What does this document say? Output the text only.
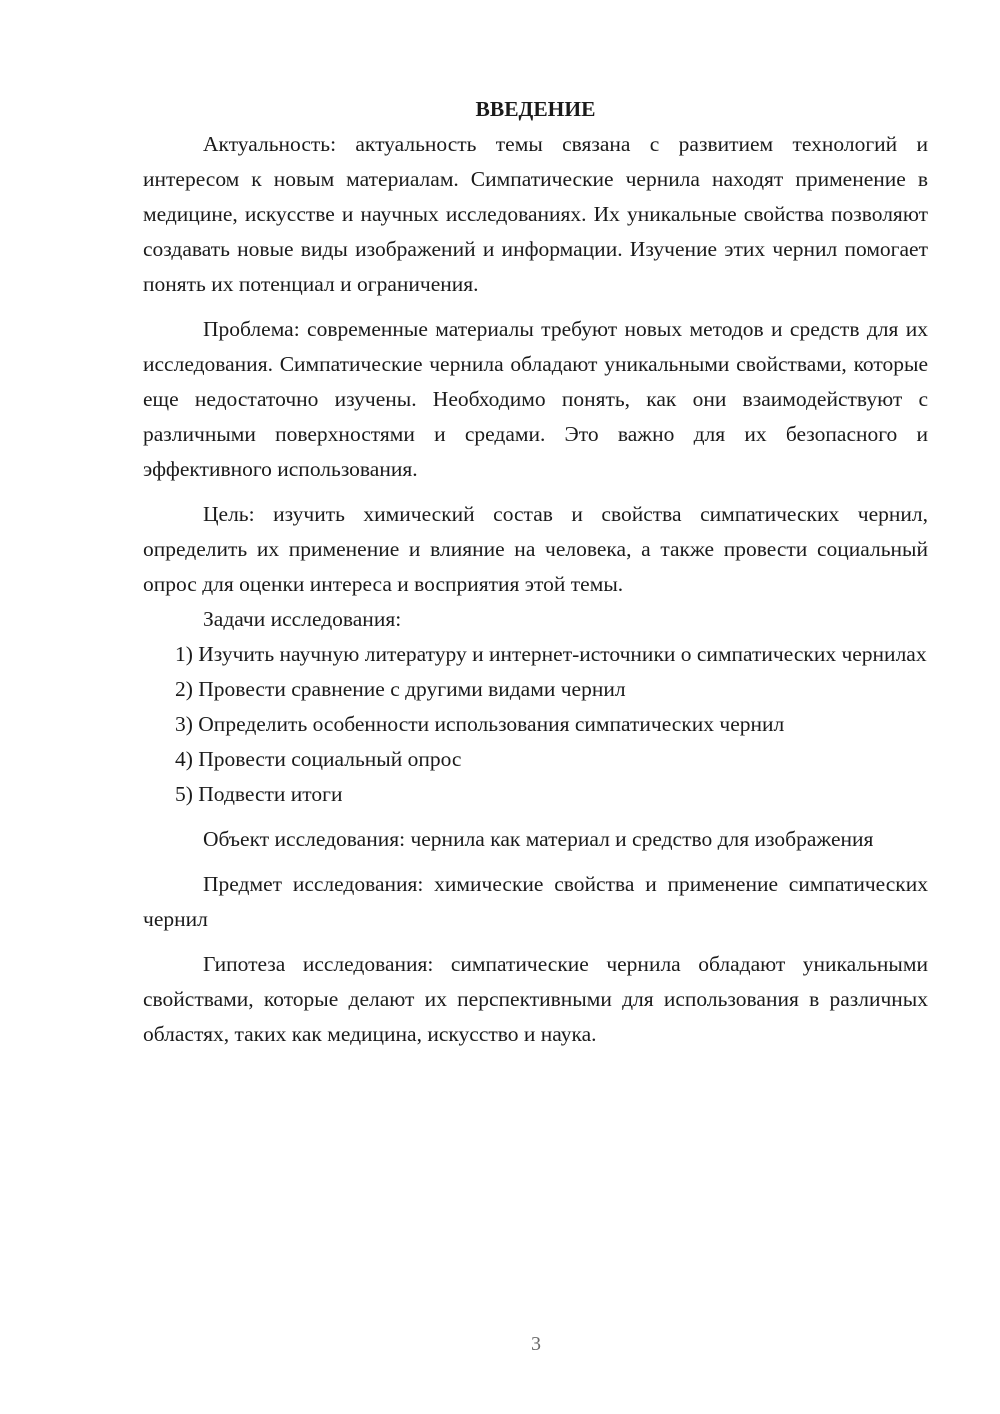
ВВЕДЕНИЕ

Актуальность: актуальность темы связана с развитием технологий и интересом к новым материалам. Симпатические чернила находят применение в медицине, искусстве и научных исследованиях. Их уникальные свойства позволяют создавать новые виды изображений и информации. Изучение этих чернил помогает понять их потенциал и ограничения.

Проблема: современные материалы требуют новых методов и средств для их исследования. Симпатические чернила обладают уникальными свойствами, которые еще недостаточно изучены. Необходимо понять, как они взаимодействуют с различными поверхностями и средами. Это важно для их безопасного и эффективного использования.

Цель: изучить химический состав и свойства симпатических чернил, определить их применение и влияние на человека, а также провести социальный опрос для оценки интереса и восприятия этой темы.

Задачи исследования:

1) Изучить научную литературу и интернет-источники о симпатических чернилах

2) Провести сравнение с другими видами чернил

3) Определить особенности использования симпатических чернил

4) Провести социальный опрос

5) Подвести итоги

Объект исследования: чернила как материал и средство для изображения

Предмет исследования: химические свойства и применение симпатических чернил

Гипотеза исследования: симпатические чернила обладают уникальными свойствами, которые делают их перспективными для использования в различных областях, таких как медицина, искусство и наука.

3
